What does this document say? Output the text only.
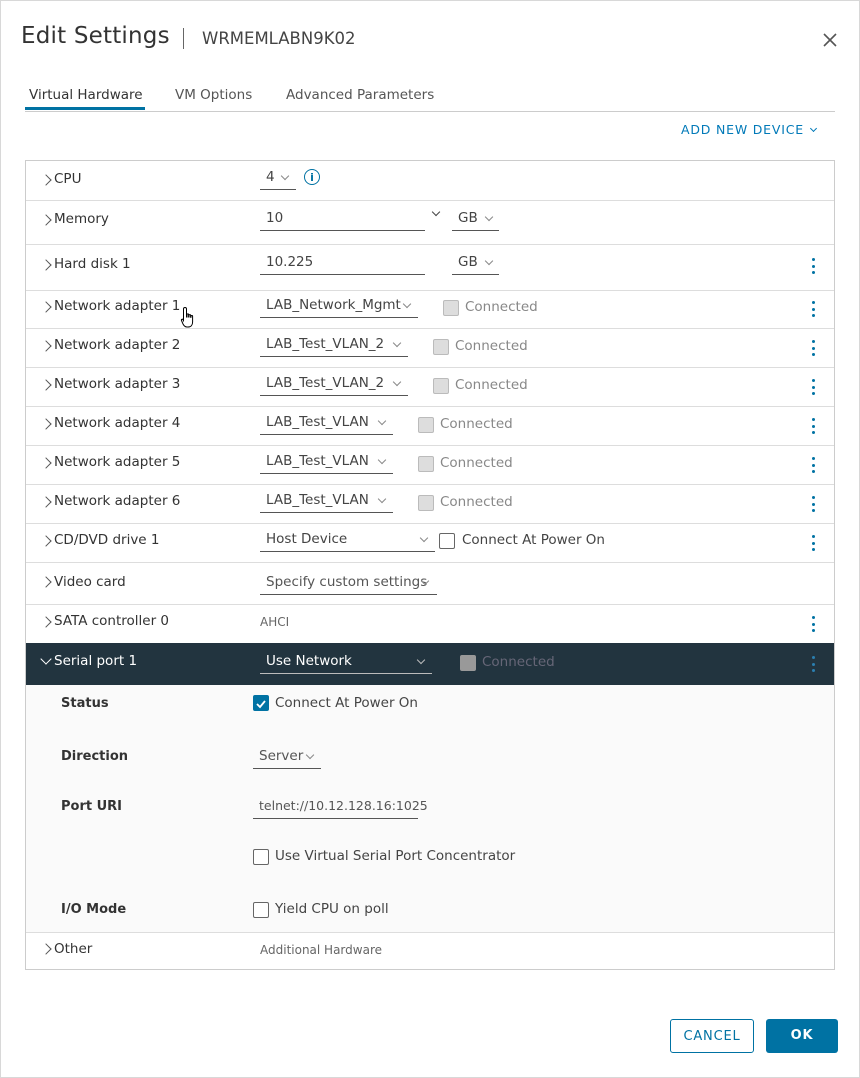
Edit Settings WRMEMLABN9K02
Virtual Hardware VM Options Advanced Parameters
ADD NEW DEVICE
CPU	4
Memory	10	GB
Hard disk 1	10.225	GB
Network adapter 1	LAB_Network_Mgmt	Connected
Network adapter 2	LAB_Test_VLAN_2	Connected
Network adapter 3	LAB_Test_VLAN_2	Connected
Network adapter 4	LAB_Test_VLAN	Connected
Network adapter 5	LAB_Test_VLAN	Connected
Network adapter 6	LAB_Test_VLAN	Connected
CD/DVD drive 1	Host Device	Connect At Power On
Video card	Specify custom settings
SATA controller 0	AHCI
Serial port 1	Use Network	Connected
Status	Connect At Power On
Direction	Server
Port URI	telnet://10.12.128.16:1025
Use Virtual Serial Port Concentrator
I/O Mode	Yield CPU on poll
Other	Additional Hardware
i
CANCEL	OK
